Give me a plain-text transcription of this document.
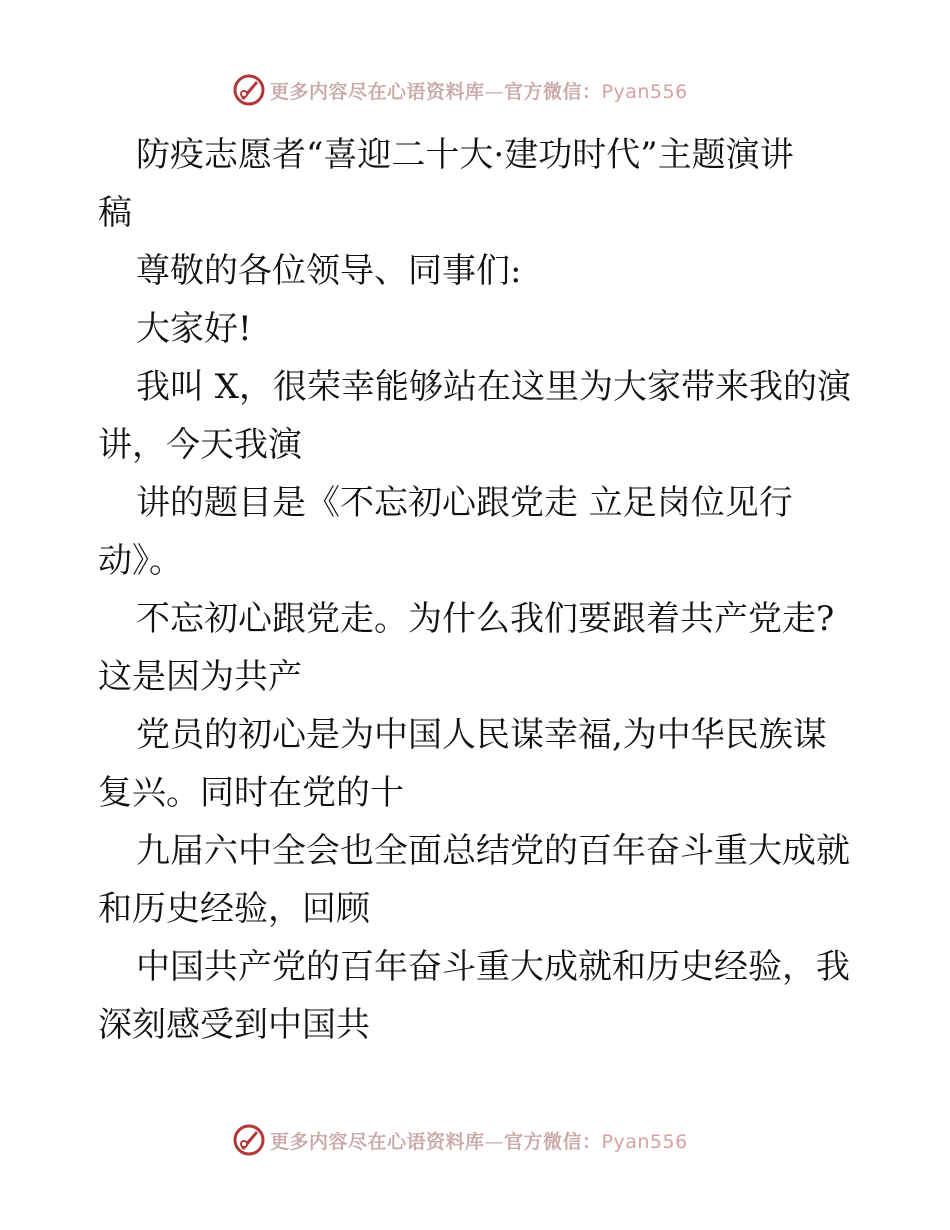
更多内容尽在心语资料库—官方微信：Pyan556

防疫志愿者“喜迎二十大·建功时代”主题演讲

稿

尊敬的各位领导、同事们:

大家好!

我叫 X，很荣幸能够站在这里为大家带来我的演

讲，今天我演

讲的题目是《不忘初心跟党走 立足岗位见行

动》。

不忘初心跟党走。为什么我们要跟着共产党走?

这是因为共产

党员的初心是为中国人民谋幸福,为中华民族谋

复兴。同时在党的十

九届六中全会也全面总结党的百年奋斗重大成就

和历史经验，回顾

中国共产党的百年奋斗重大成就和历史经验，我

深刻感受到中国共

更多内容尽在心语资料库—官方微信：Pyan556
